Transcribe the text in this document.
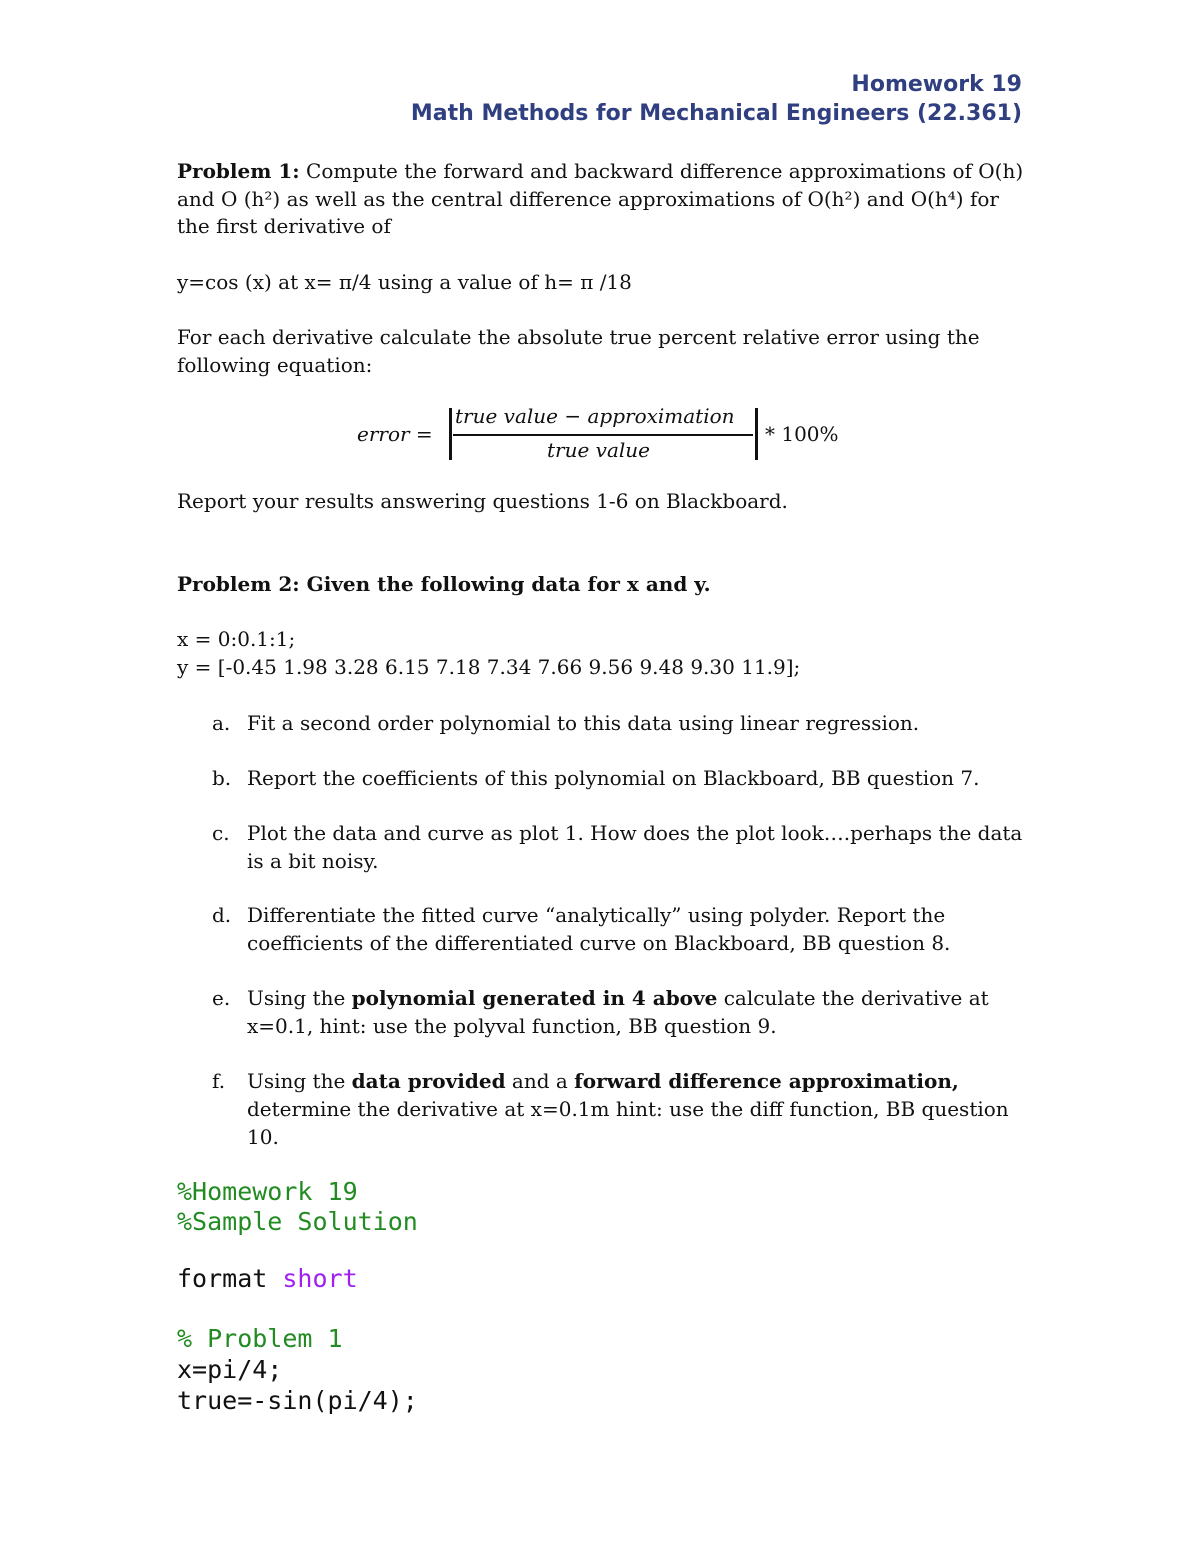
Homework 19
Math Methods for Mechanical Engineers (22.361)
Problem 1: Compute the forward and backward difference approximations of O(h)
and O (h²) as well as the central difference approximations of O(h²) and O(h⁴) for
the first derivative of
y=cos (x) at x= π/4 using a value of h= π /18
For each derivative calculate the absolute true percent relative error using the
following equation:
error =
true value − approximation
true value
* 100%
Report your results answering questions 1-6 on Blackboard.
Problem 2: Given the following data for x and y.
x = 0:0.1:1;
y = [-0.45 1.98 3.28 6.15 7.18 7.34 7.66 9.56 9.48 9.30 11.9];
a. Fit a second order polynomial to this data using linear regression.

b. Report the coefficients of this polynomial on Blackboard, BB question 7.

c. Plot the data and curve as plot 1. How does the plot look….perhaps the data is a bit noisy.

d. Differentiate the fitted curve “analytically” using polyder. Report the coefficients of the differentiated curve on Blackboard, BB question 8.

e. Using the polynomial generated in 4 above calculate the derivative at x=0.1, hint: use the polyval function, BB question 9.

f. Using the data provided and a forward difference approximation, determine the derivative at x=0.1m hint: use the diff function, BB question 10.

%Homework 19
%Sample Solution
format short
% Problem 1
x=pi/4;
true=-sin(pi/4);
